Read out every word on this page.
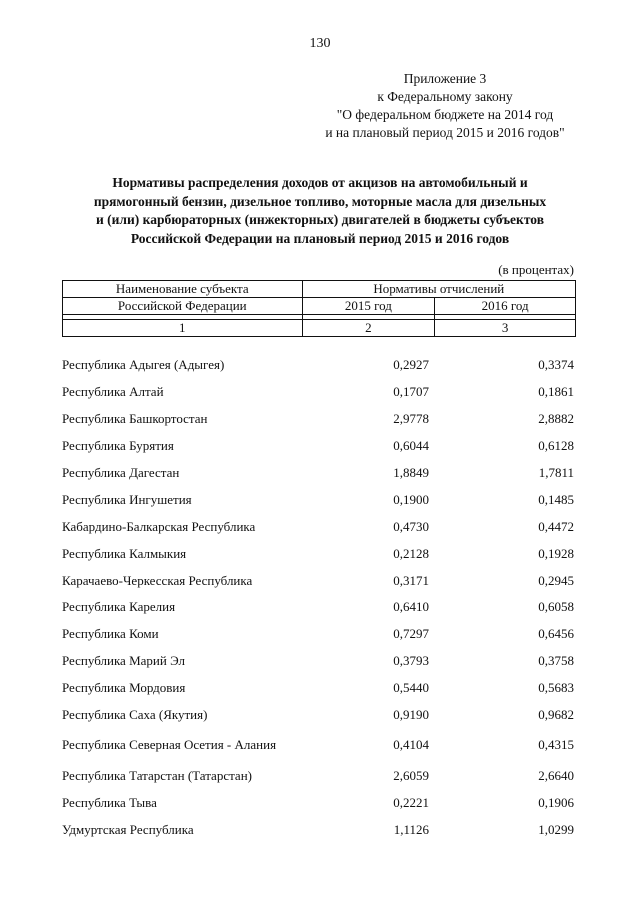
130
Приложение 3
к Федеральному закону
"О федеральном бюджете на 2014 год
и на плановый период 2015 и 2016 годов"
Нормативы распределения доходов от акцизов на автомобильный и
прямогонный бензин, дизельное топливо, моторные масла для дизельных
и (или) карбюраторных (инжекторных) двигателей в бюджеты субъектов
Российской Федерации на плановый период 2015 и 2016 годов
(в процентах)
Наименование субъекта	Нормативы отчислений	
Российской Федерации	2015 год	2016 год

1	2	3
Республика Адыгея (Адыгея)	0,2927	0,3374
Республика Алтай	0,1707	0,1861
Республика Башкортостан	2,9778	2,8882
Республика Бурятия	0,6044	0,6128
Республика Дагестан	1,8849	1,7811
Республика Ингушетия	0,1900	0,1485
Кабардино-Балкарская Республика	0,4730	0,4472
Республика Калмыкия	0,2128	0,1928
Карачаево-Черкесская Республика	0,3171	0,2945
Республика Карелия	0,6410	0,6058
Республика Коми	0,7297	0,6456
Республика Марий Эл	0,3793	0,3758
Республика Мордовия	0,5440	0,5683
Республика Саха (Якутия)	0,9190	0,9682
Республика Северная Осетия - Алания	0,4104	0,4315
Республика Татарстан (Татарстан)	2,6059	2,6640
Республика Тыва	0,2221	0,1906
Удмуртская Республика	1,1126	1,0299
